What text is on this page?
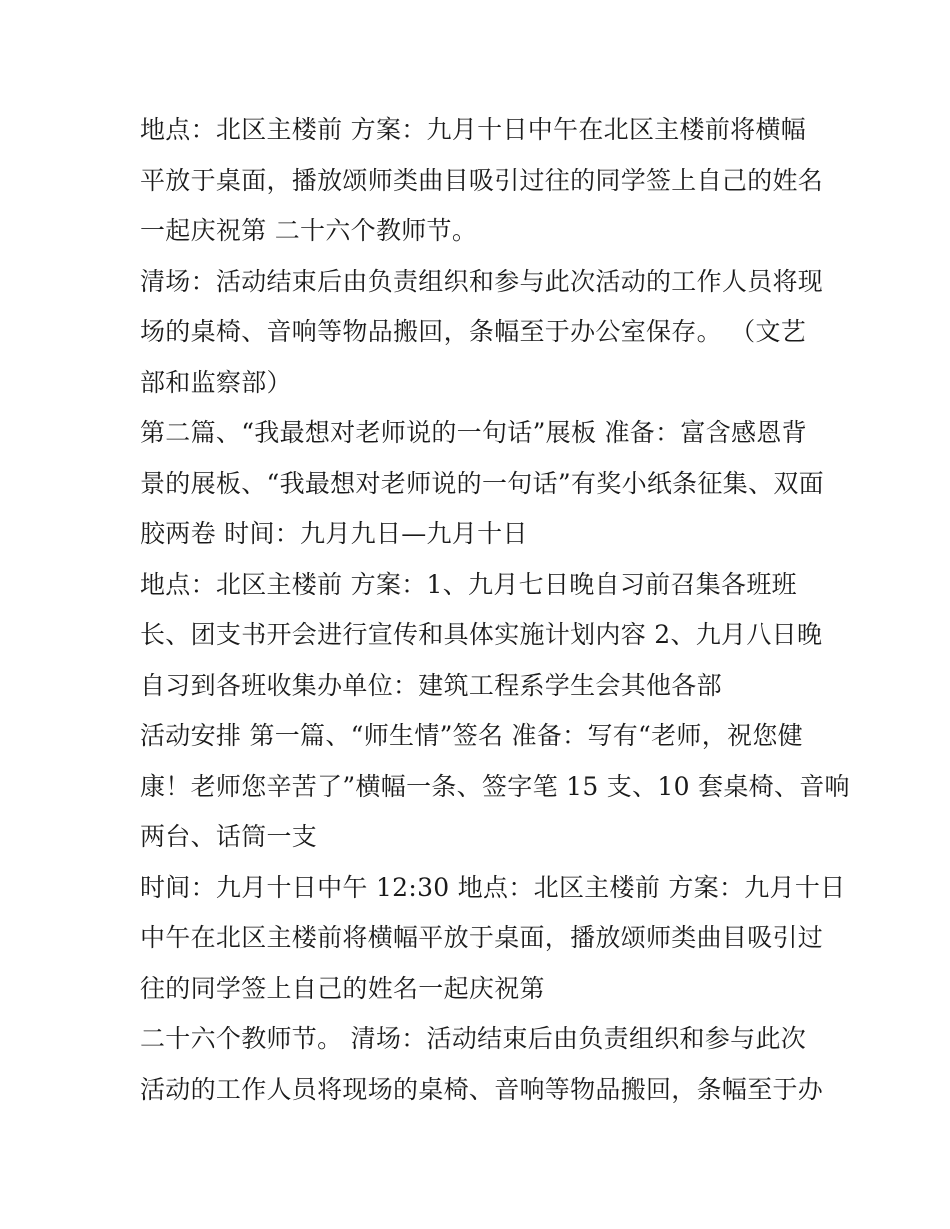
地点：北区主楼前 方案：九月十日中午在北区主楼前将横幅
平放于桌面，播放颂师类曲目吸引过往的同学签上自己的姓名
一起庆祝第 二十六个教师节。
清场：活动结束后由负责组织和参与此次活动的工作人员将现
场的桌椅、音响等物品搬回，条幅至于办公室保存。 （文艺
部和监察部）
第二篇、“我最想对老师说的一句话”展板 准备：富含感恩背
景的展板、“我最想对老师说的一句话”有奖小纸条征集、双面
胶两卷 时间：九月九日—九月十日
地点：北区主楼前 方案：1、九月七日晚自习前召集各班班
长、团支书开会进行宣传和具体实施计划内容 2、九月八日晚
自习到各班收集办单位：建筑工程系学生会其他各部
活动安排 第一篇、“师生情”签名 准备：写有“老师，祝您健
康！老师您辛苦了”横幅一条、签字笔 15 支、10 套桌椅、音响
两台、话筒一支
时间：九月十日中午 12:30 地点：北区主楼前 方案：九月十日
中午在北区主楼前将横幅平放于桌面，播放颂师类曲目吸引过
往的同学签上自己的姓名一起庆祝第
二十六个教师节。 清场：活动结束后由负责组织和参与此次
活动的工作人员将现场的桌椅、音响等物品搬回，条幅至于办
